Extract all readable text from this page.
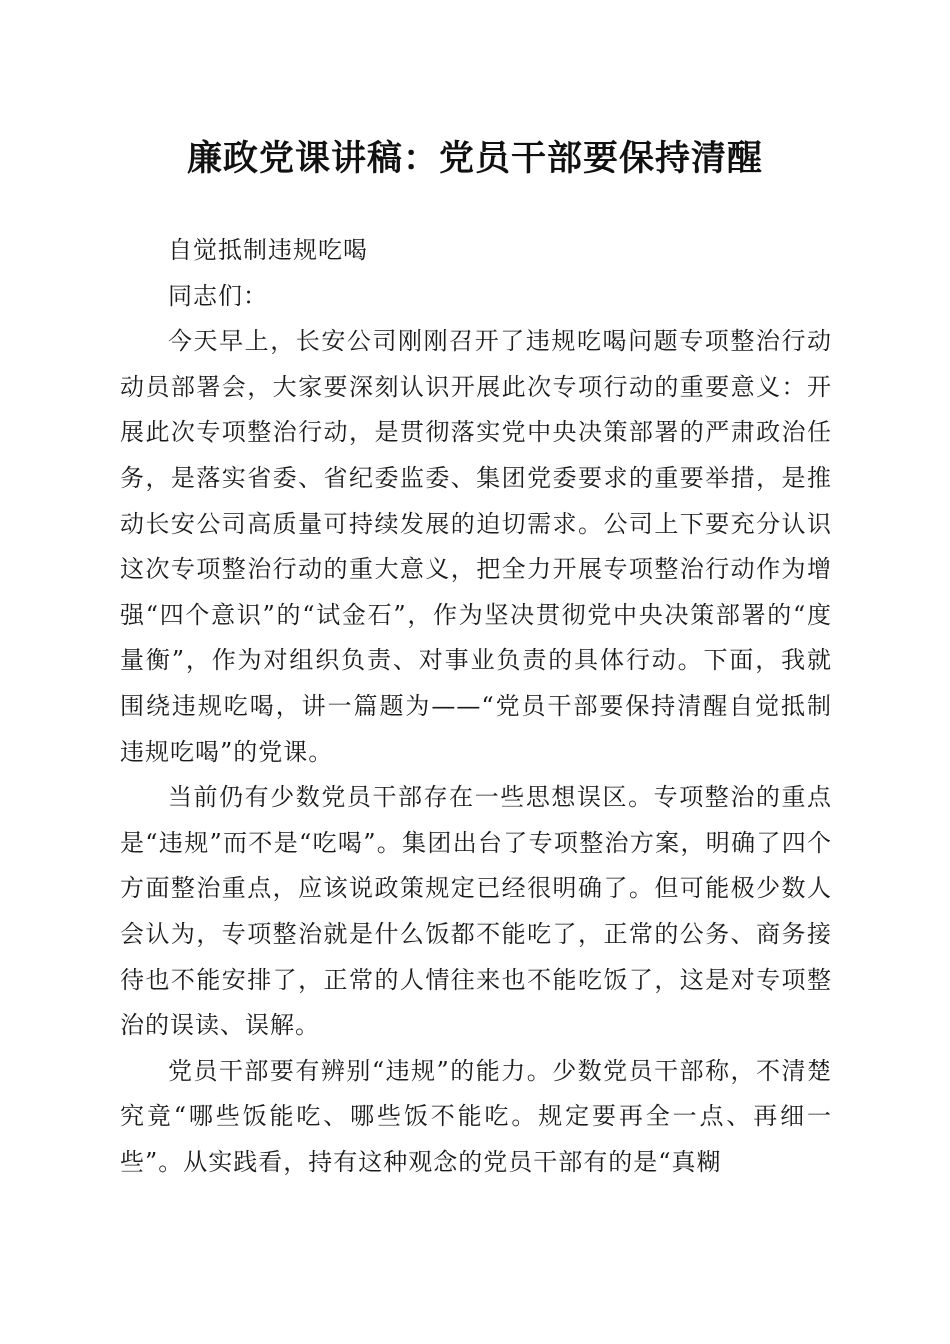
廉政党课讲稿：党员干部要保持清醒

自觉抵制违规吃喝

同志们：

今天早上，长安公司刚刚召开了违规吃喝问题专项整治行动动员部署会，大家要深刻认识开展此次专项行动的重要意义：开展此次专项整治行动，是贯彻落实党中央决策部署的严肃政治任务，是落实省委、省纪委监委、集团党委要求的重要举措，是推动长安公司高质量可持续发展的迫切需求。公司上下要充分认识这次专项整治行动的重大意义，把全力开展专项整治行动作为增强“四个意识”的“试金石”，作为坚决贯彻党中央决策部署的“度量衡”，作为对组织负责、对事业负责的具体行动。下面，我就围绕违规吃喝，讲一篇题为——“党员干部要保持清醒自觉抵制违规吃喝”的党课。

当前仍有少数党员干部存在一些思想误区。专项整治的重点是“违规”而不是“吃喝”。集团出台了专项整治方案，明确了四个方面整治重点，应该说政策规定已经很明确了。但可能极少数人会认为，专项整治就是什么饭都不能吃了，正常的公务、商务接待也不能安排了，正常的人情往来也不能吃饭了，这是对专项整治的误读、误解。

党员干部要有辨别“违规”的能力。少数党员干部称，不清楚究竟“哪些饭能吃、哪些饭不能吃。规定要再全一点、再细一些”。从实践看，持有这种观念的党员干部有的是“真糊
